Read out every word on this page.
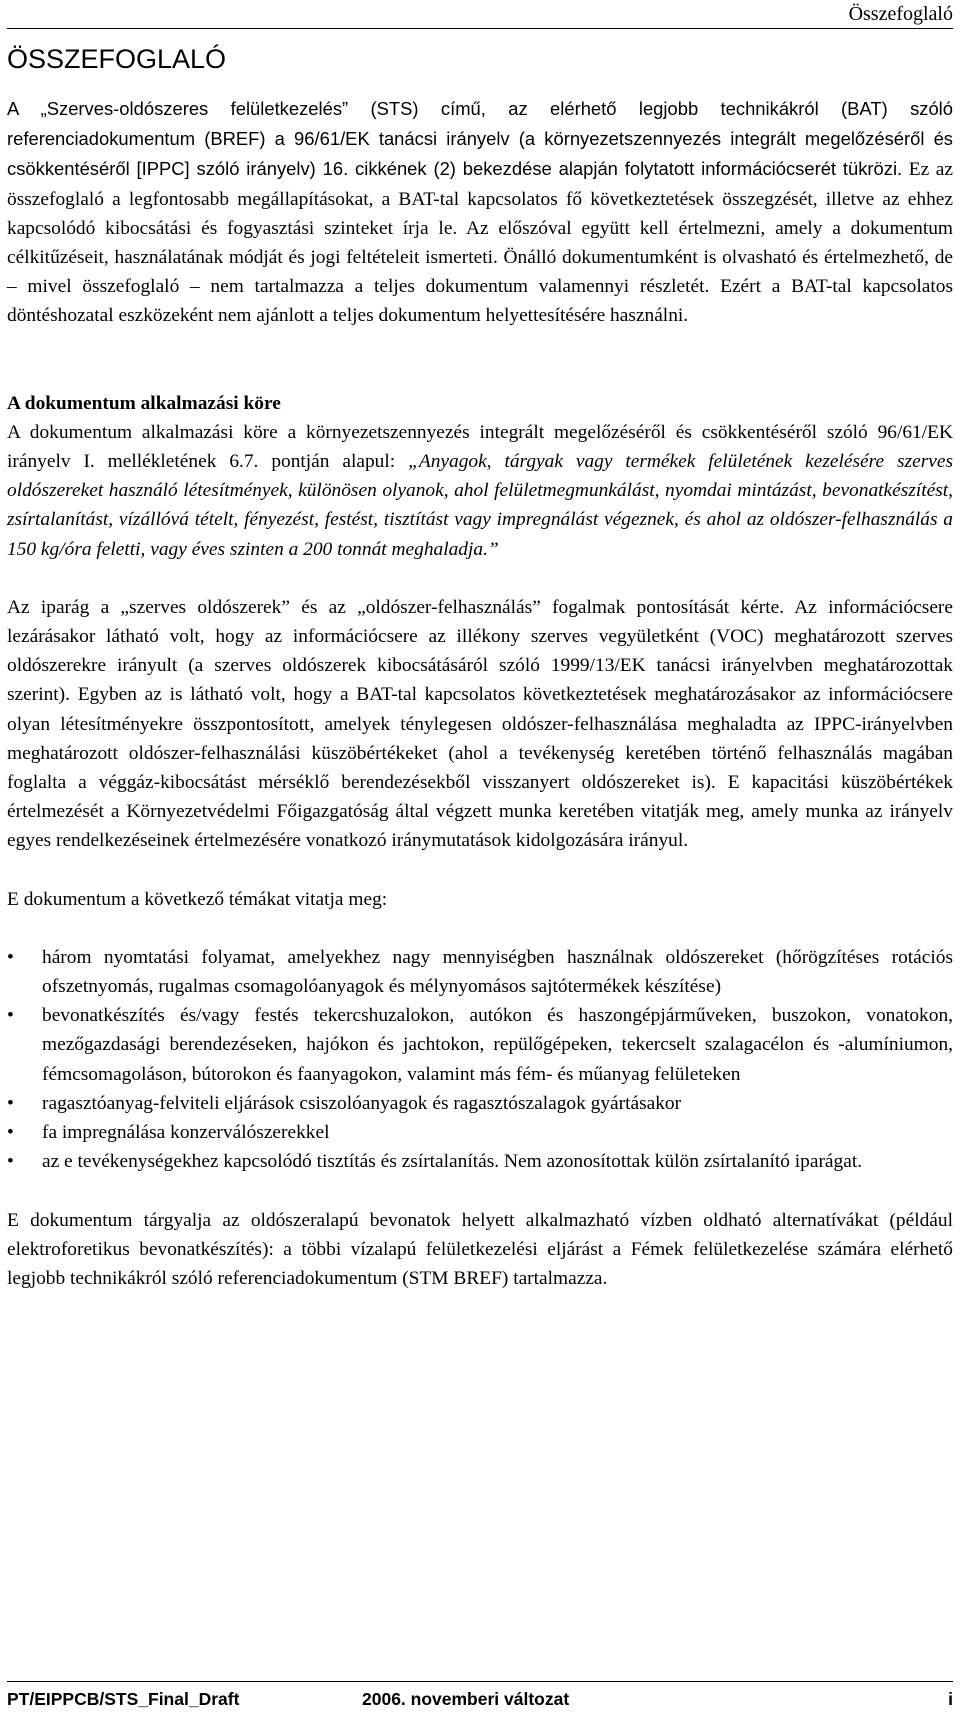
Összefoglaló
ÖSSZEFOGLALÓ

A „Szerves-oldószeres felületkezelés” (STS) című, az elérhető legjobb technikákról (BAT) szóló referenciadokumentum (BREF) a 96/61/EK tanácsi irányelv (a környezetszennyezés integrált megelőzéséről és csökkentéséről [IPPC] szóló irányelv) 16. cikkének (2) bekezdése alapján folytatott információcserét tükrözi. Ez az összefoglaló a legfontosabb megállapításokat, a BAT-tal kapcsolatos fő következtetések összegzését, illetve az ehhez kapcsolódó kibocsátási és fogyasztási szinteket írja le. Az előszóval együtt kell értelmezni, amely a dokumentum célkitűzéseit, használatának módját és jogi feltételeit ismerteti. Önálló dokumentumként is olvasható és értelmezhető, de – mivel összefoglaló – nem tartalmazza a teljes dokumentum valamennyi részletét. Ezért a BAT-tal kapcsolatos döntéshozatal eszközeként nem ajánlott a teljes dokumentum helyettesítésére használni.

A dokumentum alkalmazási köre

A dokumentum alkalmazási köre a környezetszennyezés integrált megelőzéséről és csökkentéséről szóló 96/61/EK irányelv I. mellékletének 6.7. pontján alapul: „Anyagok, tárgyak vagy termékek felületének kezelésére szerves oldószereket használó létesítmények, különösen olyanok, ahol felületmegmunkálást, nyomdai mintázást, bevonatkészítést, zsírtalanítást, vízállóvá tételt, fényezést, festést, tisztítást vagy impregnálást végeznek, és ahol az oldószer-felhasználás a 150 kg/óra feletti, vagy éves szinten a 200 tonnát meghaladja.”

Az iparág a „szerves oldószerek” és az „oldószer-felhasználás” fogalmak pontosítását kérte. Az információcsere lezárásakor látható volt, hogy az információcsere az illékony szerves vegyületként (VOC) meghatározott szerves oldószerekre irányult (a szerves oldószerek kibocsátásáról szóló 1999/13/EK tanácsi irányelvben meghatározottak szerint). Egyben az is látható volt, hogy a BAT-tal kapcsolatos következtetések meghatározásakor az információcsere olyan létesítményekre összpontosított, amelyek ténylegesen oldószer-felhasználása meghaladta az IPPC-irányelvben meghatározott oldószer-felhasználási küszöbértékeket (ahol a tevékenység keretében történő felhasználás magában foglalta a véggáz-kibocsátást mérséklő berendezésekből visszanyert oldószereket is). E kapacitási küszöbértékek értelmezését a Környezetvédelmi Főigazgatóság által végzett munka keretében vitatják meg, amely munka az irányelv egyes rendelkezéseinek értelmezésére vonatkozó iránymutatások kidolgozására irányul.

E dokumentum a következő témákat vitatja meg:

•	három nyomtatási folyamat, amelyekhez nagy mennyiségben használnak oldószereket (hőrögzítéses rotációs ofszetnyomás, rugalmas csomagolóanyagok és mélynyomásos sajtótermékek készítése)
•	bevonatkészítés és/vagy festés tekercshuzalokon, autókon és haszongépjárműveken, buszokon, vonatokon, mezőgazdasági berendezéseken, hajókon és jachtokon, repülőgépeken, tekercselt szalagacélon és -alumíniumon, fémcsomagoláson, bútorokon és faanyagokon, valamint más fém- és műanyag felületeken
•	ragasztóanyag-felviteli eljárások csiszolóanyagok és ragasztószalagok gyártásakor
•	fa impregnálása konzerválószerekkel
•	az e tevékenységekhez kapcsolódó tisztítás és zsírtalanítás. Nem azonosítottak külön zsírtalanító iparágat.

E dokumentum tárgyalja az oldószeralapú bevonatok helyett alkalmazható vízben oldható alternatívákat (például elektroforetikus bevonatkészítés): a többi vízalapú felületkezelési eljárást a Fémek felületkezelése számára elérhető legjobb technikákról szóló referenciadokumentum (STM BREF) tartalmazza.

PT/EIPPCB/STS_Final_Draft	2006. novemberi változat	i
